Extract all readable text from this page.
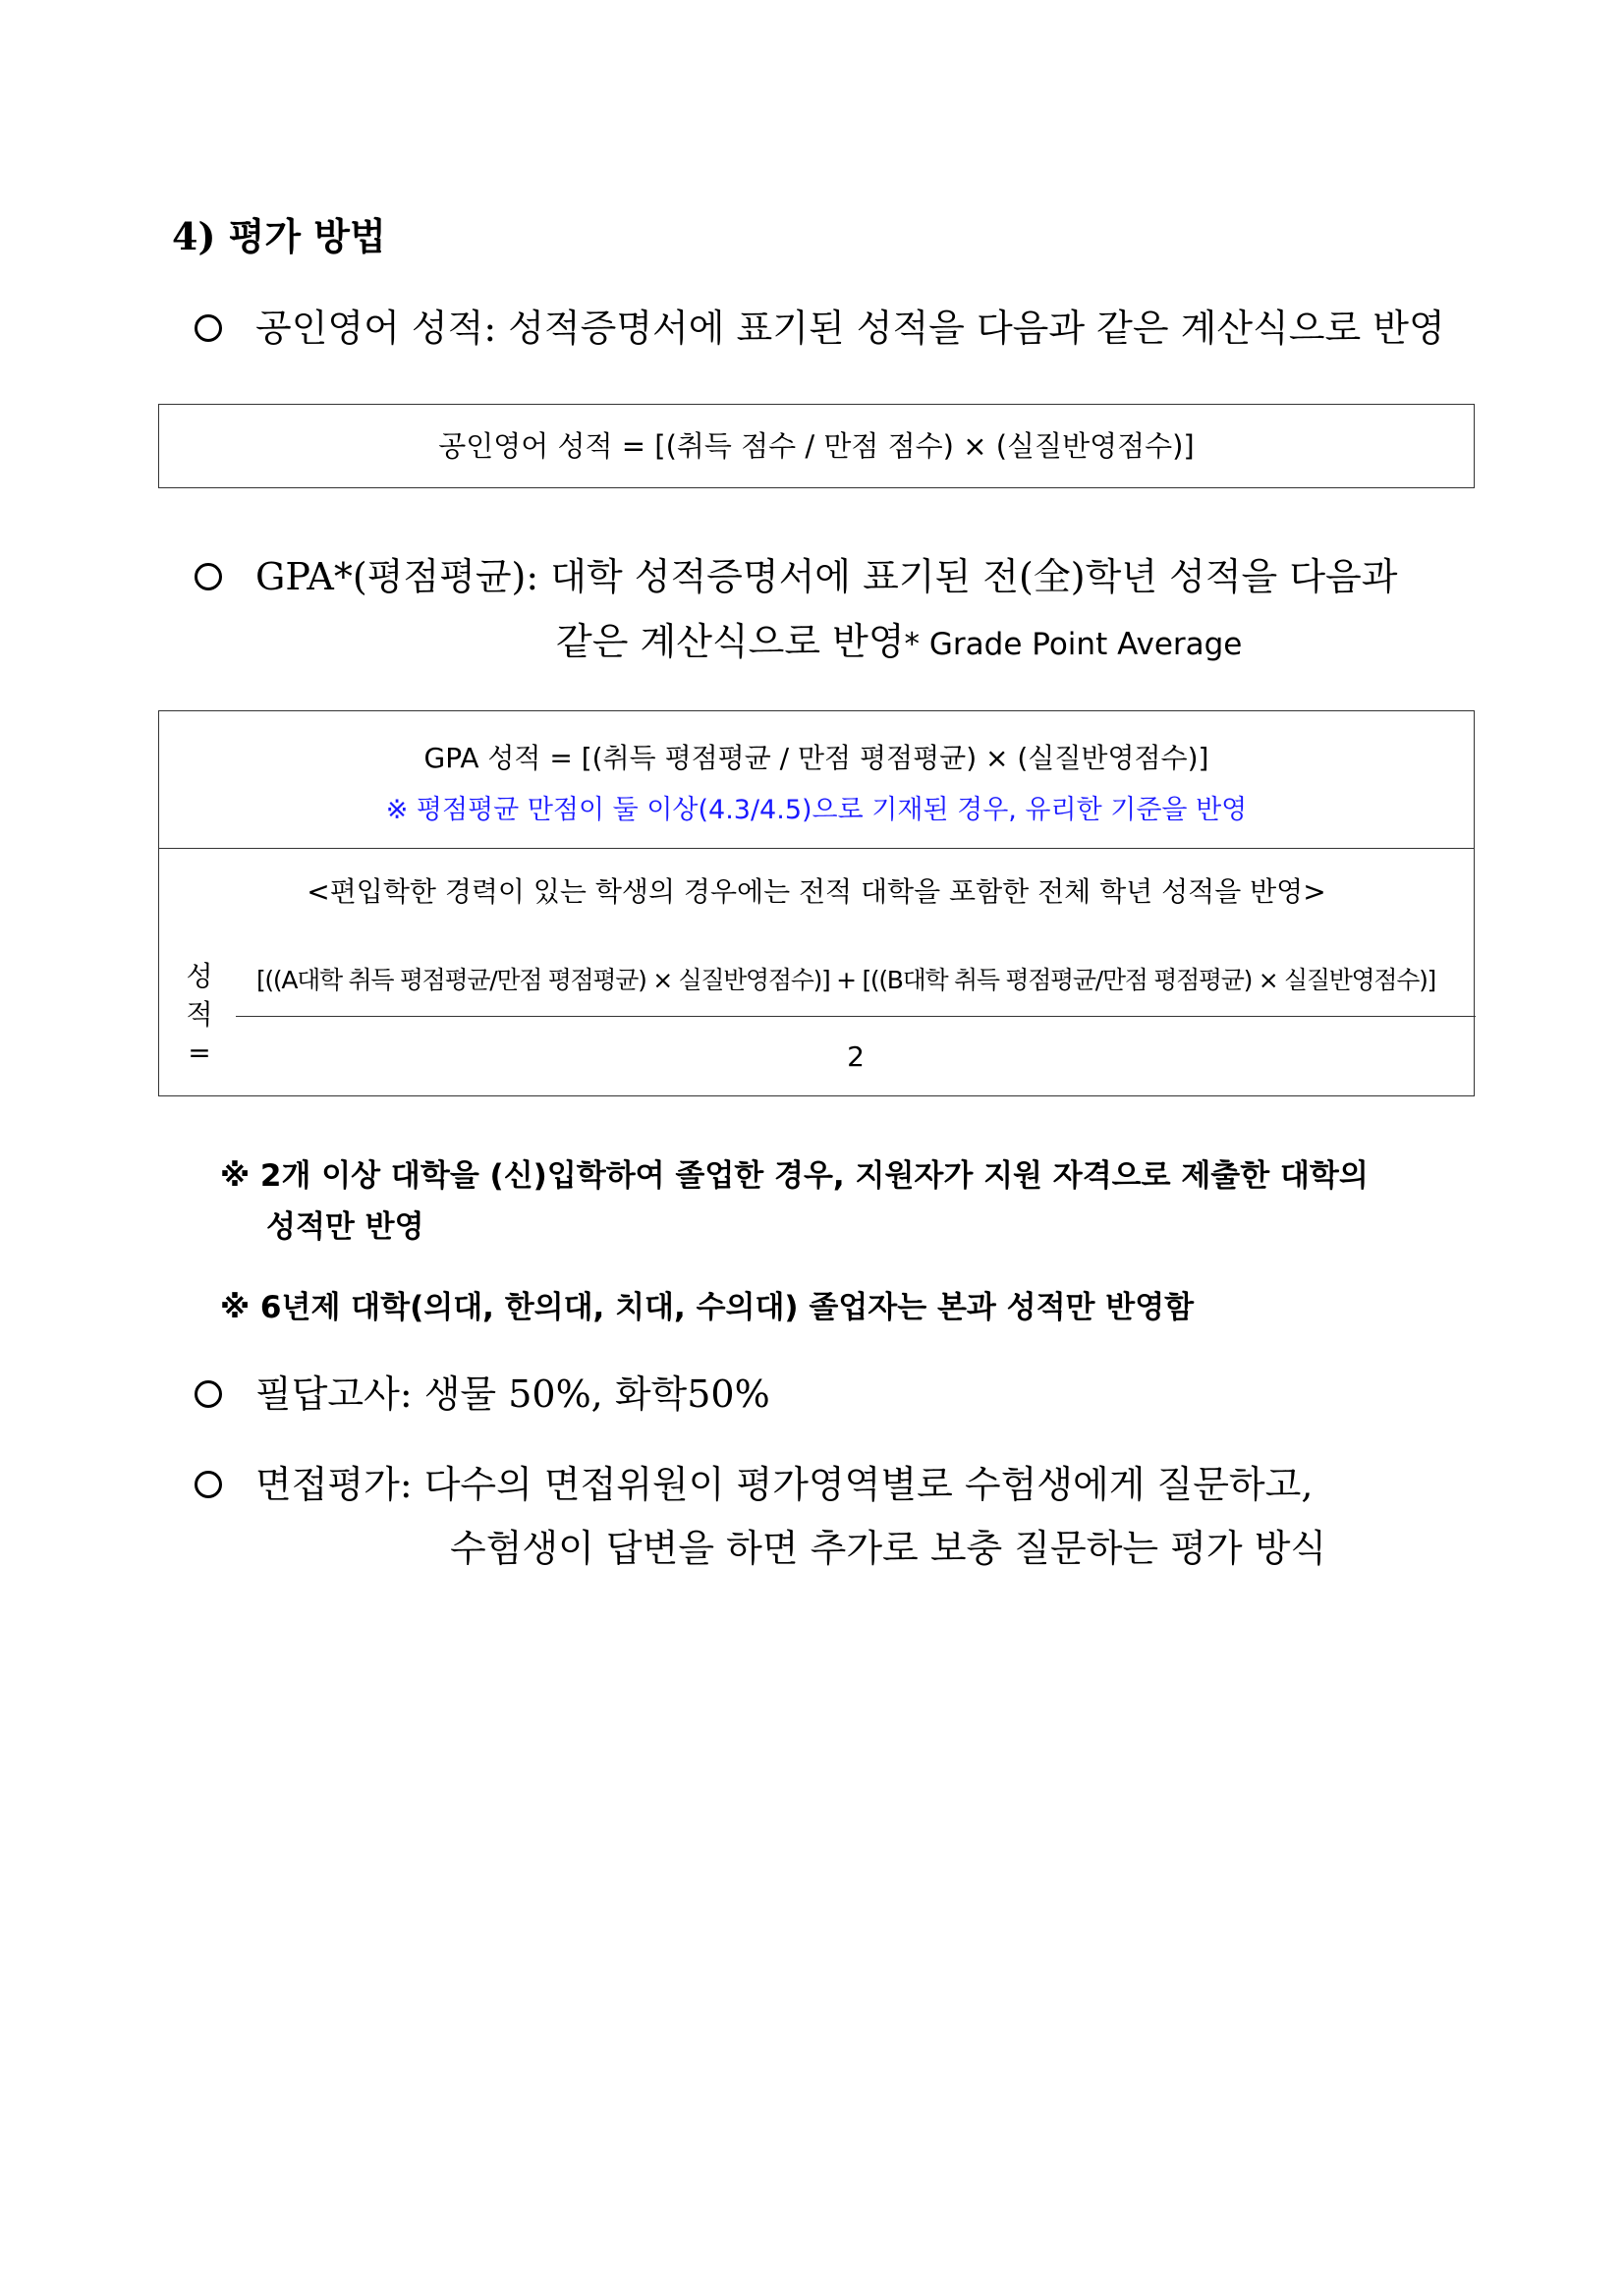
4) 평가 방법
공인영어 성적: 성적증명서에 표기된 성적을 다음과 같은 계산식으로 반영
공인영어 성적 = [(취득 점수 / 만점 점수) × (실질반영점수)]
GPA*(평점평균): 대학 성적증명서에 표기된 전(全)학년 성적을 다음과
같은 계산식으로 반영* Grade Point Average
GPA 성적 = [(취득 평점평균 / 만점 평점평균) × (실질반영점수)]
※ 평점평균 만점이 둘 이상(4.3/4.5)으로 기재된 경우, 유리한 기준을 반영
<편입학한 경력이 있는 학생의 경우에는 전적 대학을 포함한 전체 학년 성적을 반영>
성
적
=
[((A대학 취득 평점평균/만점 평점평균) × 실질반영점수)] + [((B대학 취득 평점평균/만점 평점평균) × 실질반영점수)]
2
※ 2개 이상 대학을 (신)입학하여 졸업한 경우, 지원자가 지원 자격으로 제출한 대학의
성적만 반영
※ 6년제 대학(의대, 한의대, 치대, 수의대) 졸업자는 본과 성적만 반영함
필답고사: 생물 50%, 화학50%
면접평가: 다수의 면접위원이 평가영역별로 수험생에게 질문하고,
수험생이 답변을 하면 추가로 보충 질문하는 평가 방식
